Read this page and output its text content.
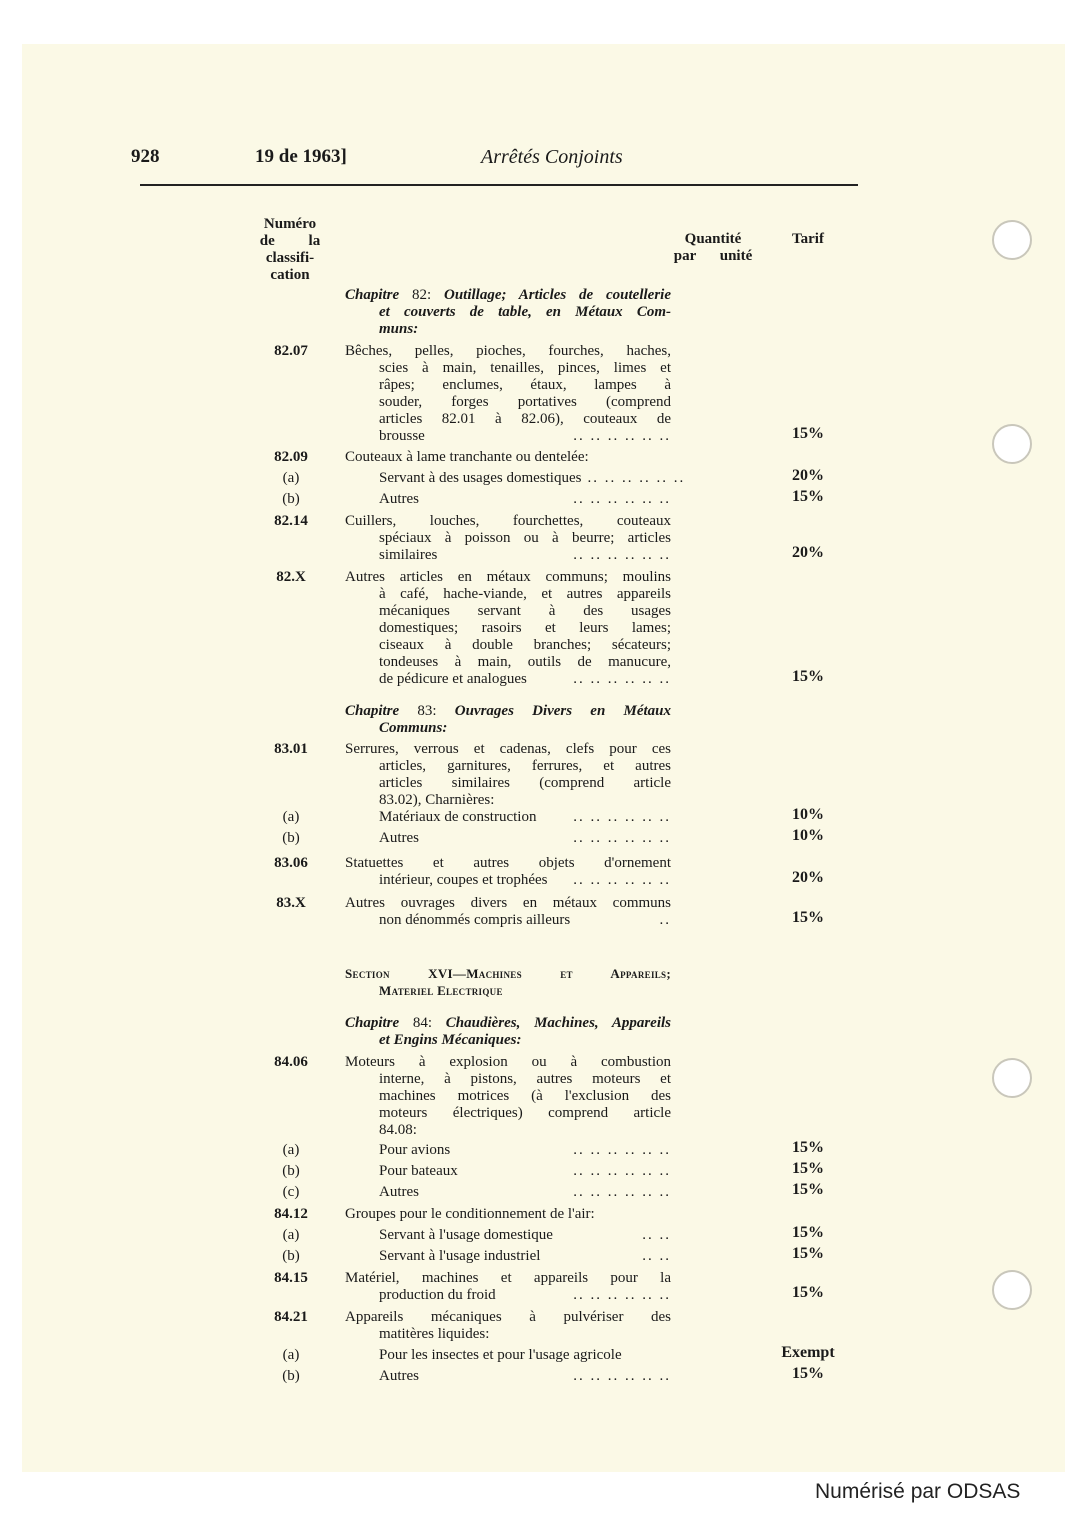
928	19 de 1963]	Arrêtés Conjoints
Numéro de la classifi- cation
Quantité par unité
Tarif
Chapitre 82: Outillage; Articles de coutellerie
et couverts de table, en Métaux Com-
muns:
82.07	Bêches, pelles, pioches, fourches, haches,
scies à main, tenailles, pinces, limes et
râpes; enclumes, étaux, lampes à
souder, forges portatives (comprend
articles 82.01 à 82.06), couteaux de
brousse	.. .. .. .. .. ..	15%
82.09	Couteaux à lame tranchante ou dentelée:
(a)	Servant à des usages domestiques .. .. .. .. .. ..	20%
(b)	Autres	.. .. .. .. .. ..	15%
82.14	Cuillers, louches, fourchettes, couteaux
spéciaux à poisson ou à beurre; articles
similaires	.. .. .. .. .. ..	20%
82.X	Autres articles en métaux communs; moulins
à café, hache-viande, et autres appareils
mécaniques servant à des usages
domestiques; rasoirs et leurs lames;
ciseaux à double branches; sécateurs;
tondeuses à main, outils de manucure,
de pédicure et analogues	.. .. .. .. .. ..	15%
Chapitre 83: Ouvrages Divers en Métaux
Communs:
83.01	Serrures, verrous et cadenas, clefs pour ces
articles, garnitures, ferrures, et autres
articles similaires (comprend article
83.02), Charnières:
(a)	Matériaux de construction	.. .. .. .. .. ..	10%
(b)	Autres	.. .. .. .. .. ..	10%
83.06	Statuettes et autres objets d'ornement
intérieur, coupes et trophées	.. .. .. .. .. ..	20%
83.X	Autres ouvrages divers en métaux communs
non dénommés compris ailleurs	..	15%
Section XVI—Machines et Appareils;
Materiel Electrique
Chapitre 84: Chaudières, Machines, Appareils
et Engins Mécaniques:
84.06	Moteurs à explosion ou à combustion
interne, à pistons, autres moteurs et
machines motrices (à l'exclusion des
moteurs électriques) comprend article
84.08:
(a)	Pour avions	.. .. .. .. .. ..	15%
(b)	Pour bateaux	.. .. .. .. .. ..	15%
(c)	Autres	.. .. .. .. .. ..	15%
84.12	Groupes pour le conditionnement de l'air:
(a)	Servant à l'usage domestique	.. ..	15%
(b)	Servant à l'usage industriel	.. ..	15%
84.15	Matériel, machines et appareils pour la
production du froid	.. .. .. .. .. ..	15%
84.21	Appareils mécaniques à pulvériser des
matitères liquides:
(a)	Pour les insectes et pour l'usage agricole	Exempt
(b)	Autres	.. .. .. .. .. ..	15%
Numérisé par ODSAS
